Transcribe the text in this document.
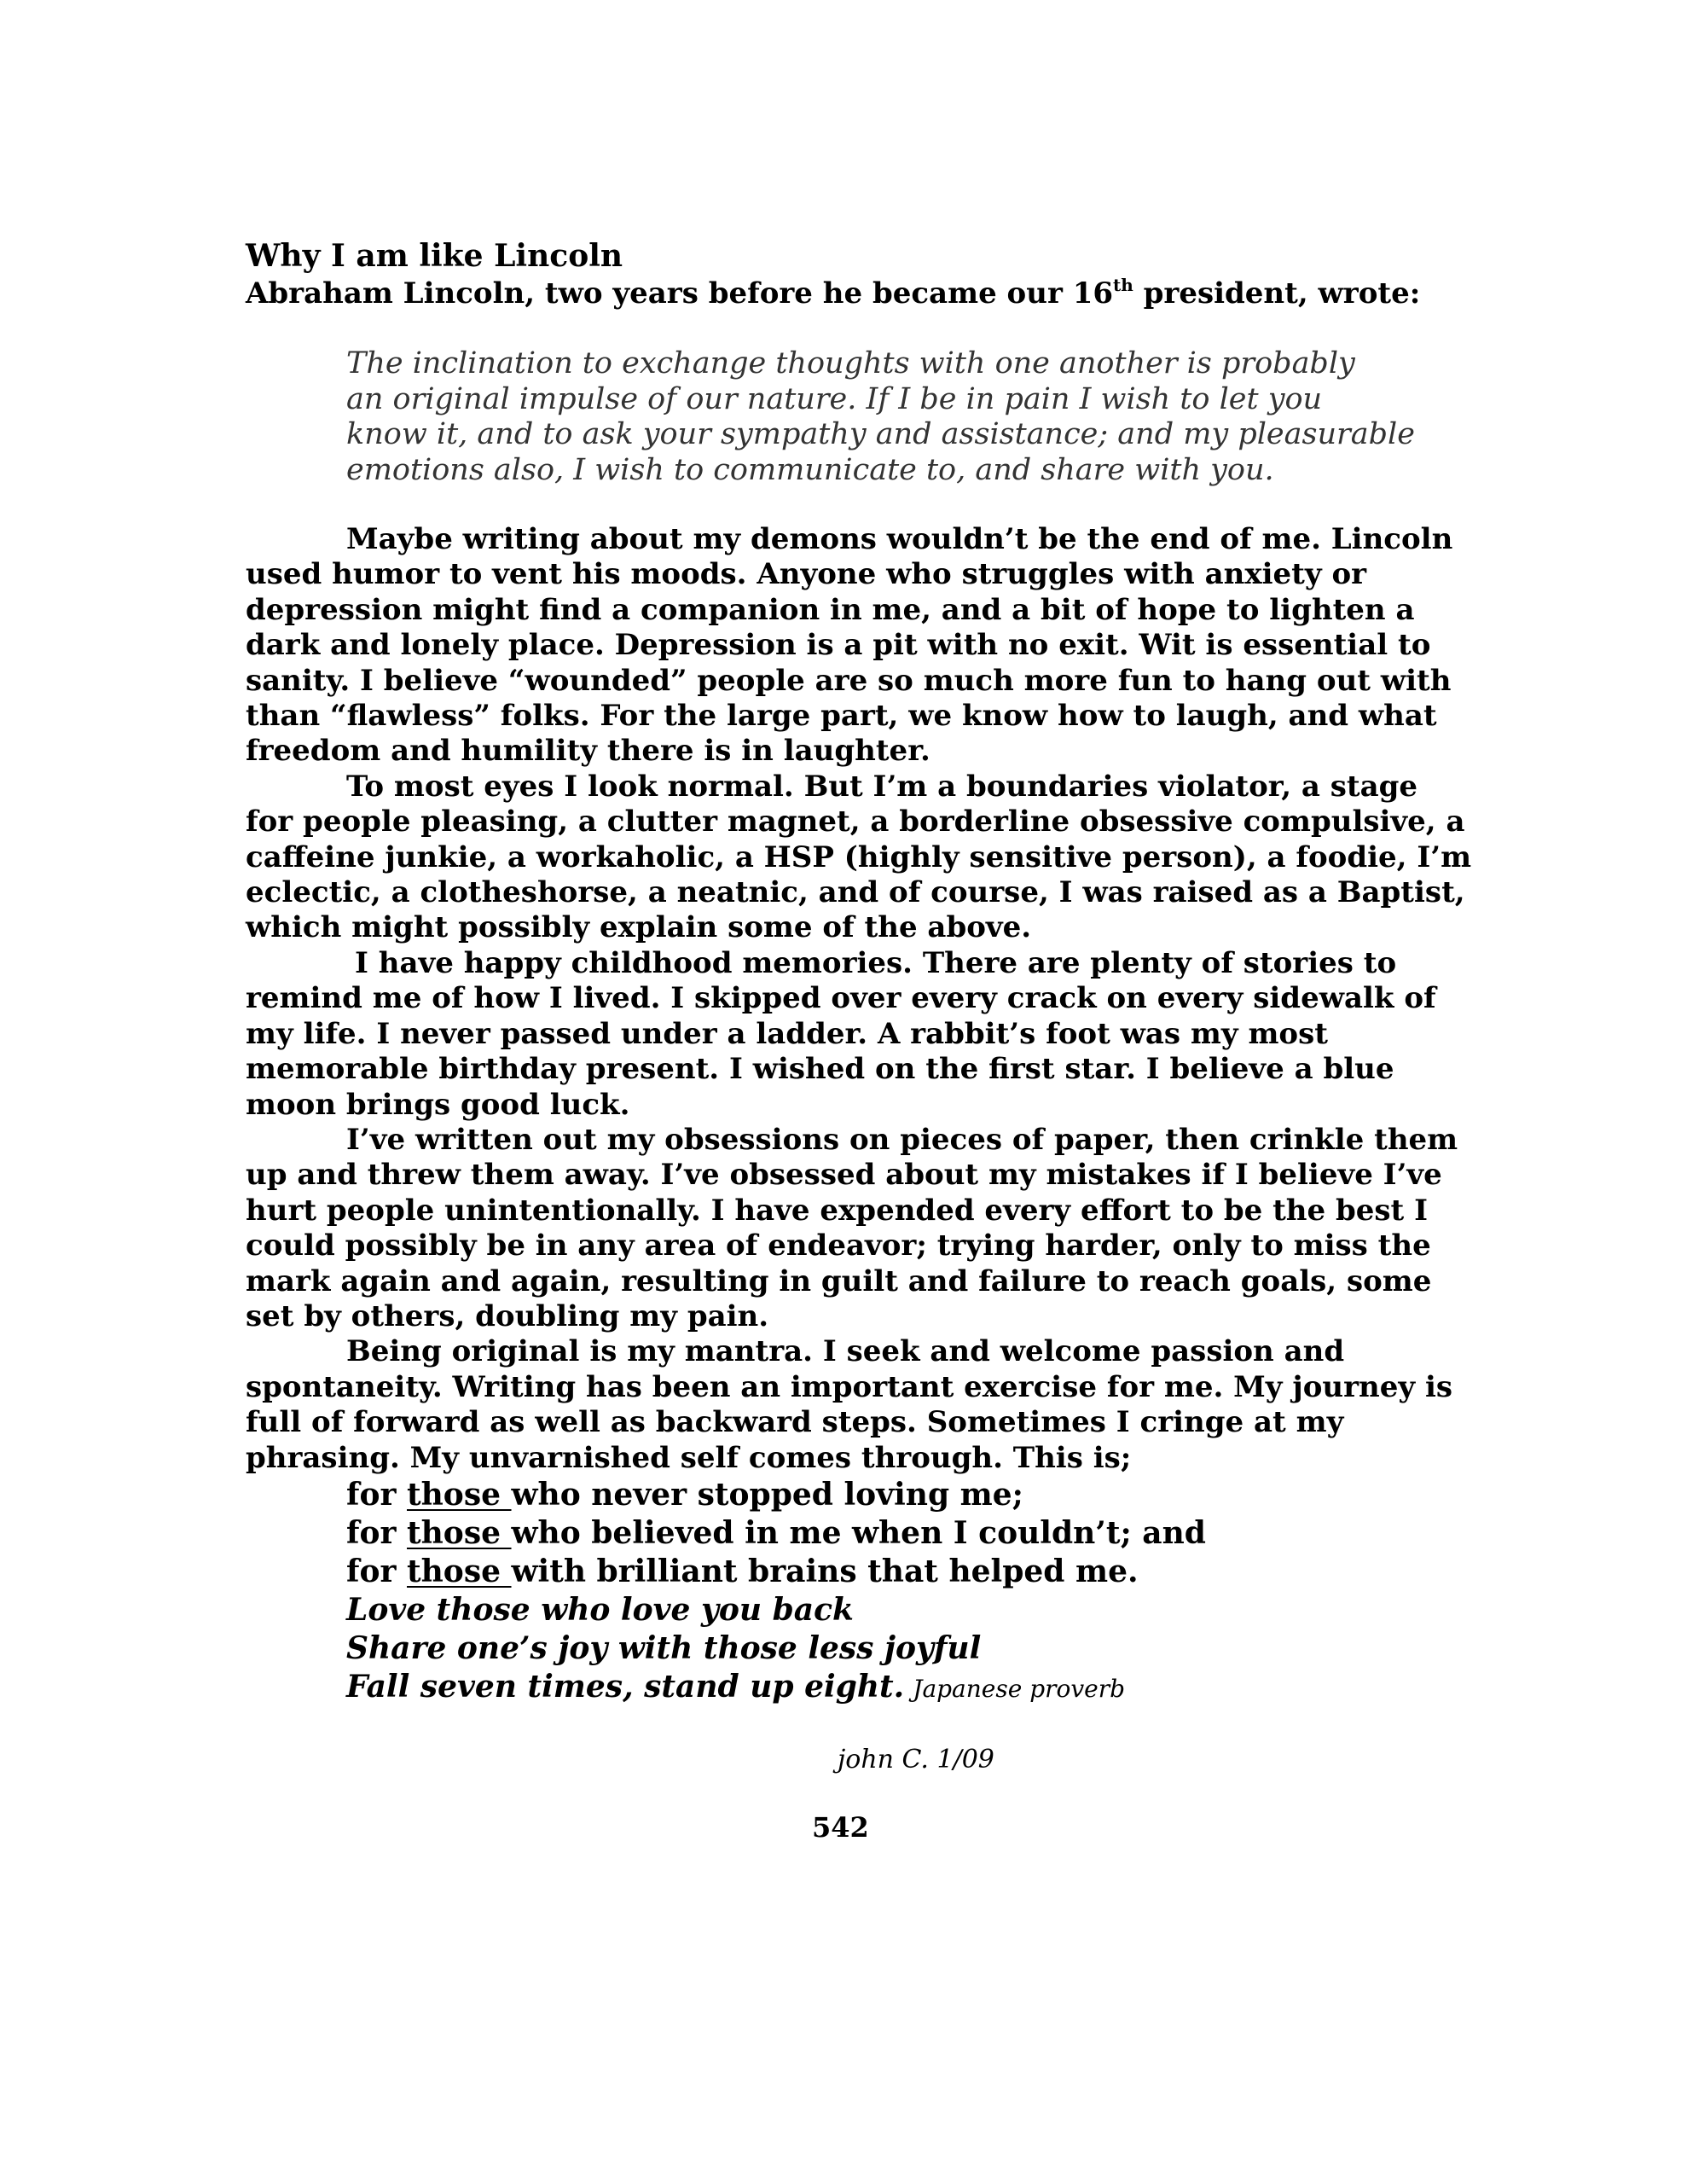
Why I am like Lincoln

Abraham Lincoln, two years before he became our 16th president, wrote:

The inclination to exchange thoughts with one another is probably
an original impulse of our nature. If I be in pain I wish to let you
know it, and to ask your sympathy and assistance; and my pleasurable
emotions also, I wish to communicate to, and share with you.
Maybe writing about my demons wouldn’t be the end of me. Lincoln
used humor to vent his moods. Anyone who struggles with anxiety or
depression might find a companion in me, and a bit of hope to lighten a
dark and lonely place. Depression is a pit with no exit. Wit is essential to
sanity. I believe “wounded” people are so much more fun to hang out with
than “flawless” folks. For the large part, we know how to laugh, and what
freedom and humility there is in laughter.
To most eyes I look normal. But I’m a boundaries violator, a stage
for people pleasing, a clutter magnet, a borderline obsessive compulsive, a
caffeine junkie, a workaholic, a HSP (highly sensitive person), a foodie, I’m
eclectic, a clotheshorse, a neatnic, and of course, I was raised as a Baptist,
which might possibly explain some of the above.
I have happy childhood memories. There are plenty of stories to
remind me of how I lived. I skipped over every crack on every sidewalk of
my life. I never passed under a ladder. A rabbit’s foot was my most
memorable birthday present. I wished on the first star. I believe a blue
moon brings good luck.
I’ve written out my obsessions on pieces of paper, then crinkle them
up and threw them away. I’ve obsessed about my mistakes if I believe I’ve
hurt people unintentionally. I have expended every effort to be the best I
could possibly be in any area of endeavor; trying harder, only to miss the
mark again and again, resulting in guilt and failure to reach goals, some
set by others, doubling my pain.
Being original is my mantra. I seek and welcome passion and
spontaneity. Writing has been an important exercise for me. My journey is
full of forward as well as backward steps. Sometimes I cringe at my
phrasing. My unvarnished self comes through. This is;
for those who never stopped loving me;
for those who believed in me when I couldn’t; and
for those with brilliant brains that helped me.
Love those who love you back
Share one’s joy with those less joyful
Fall seven times, stand up eight. Japanese proverb

john C. 1/09

542
